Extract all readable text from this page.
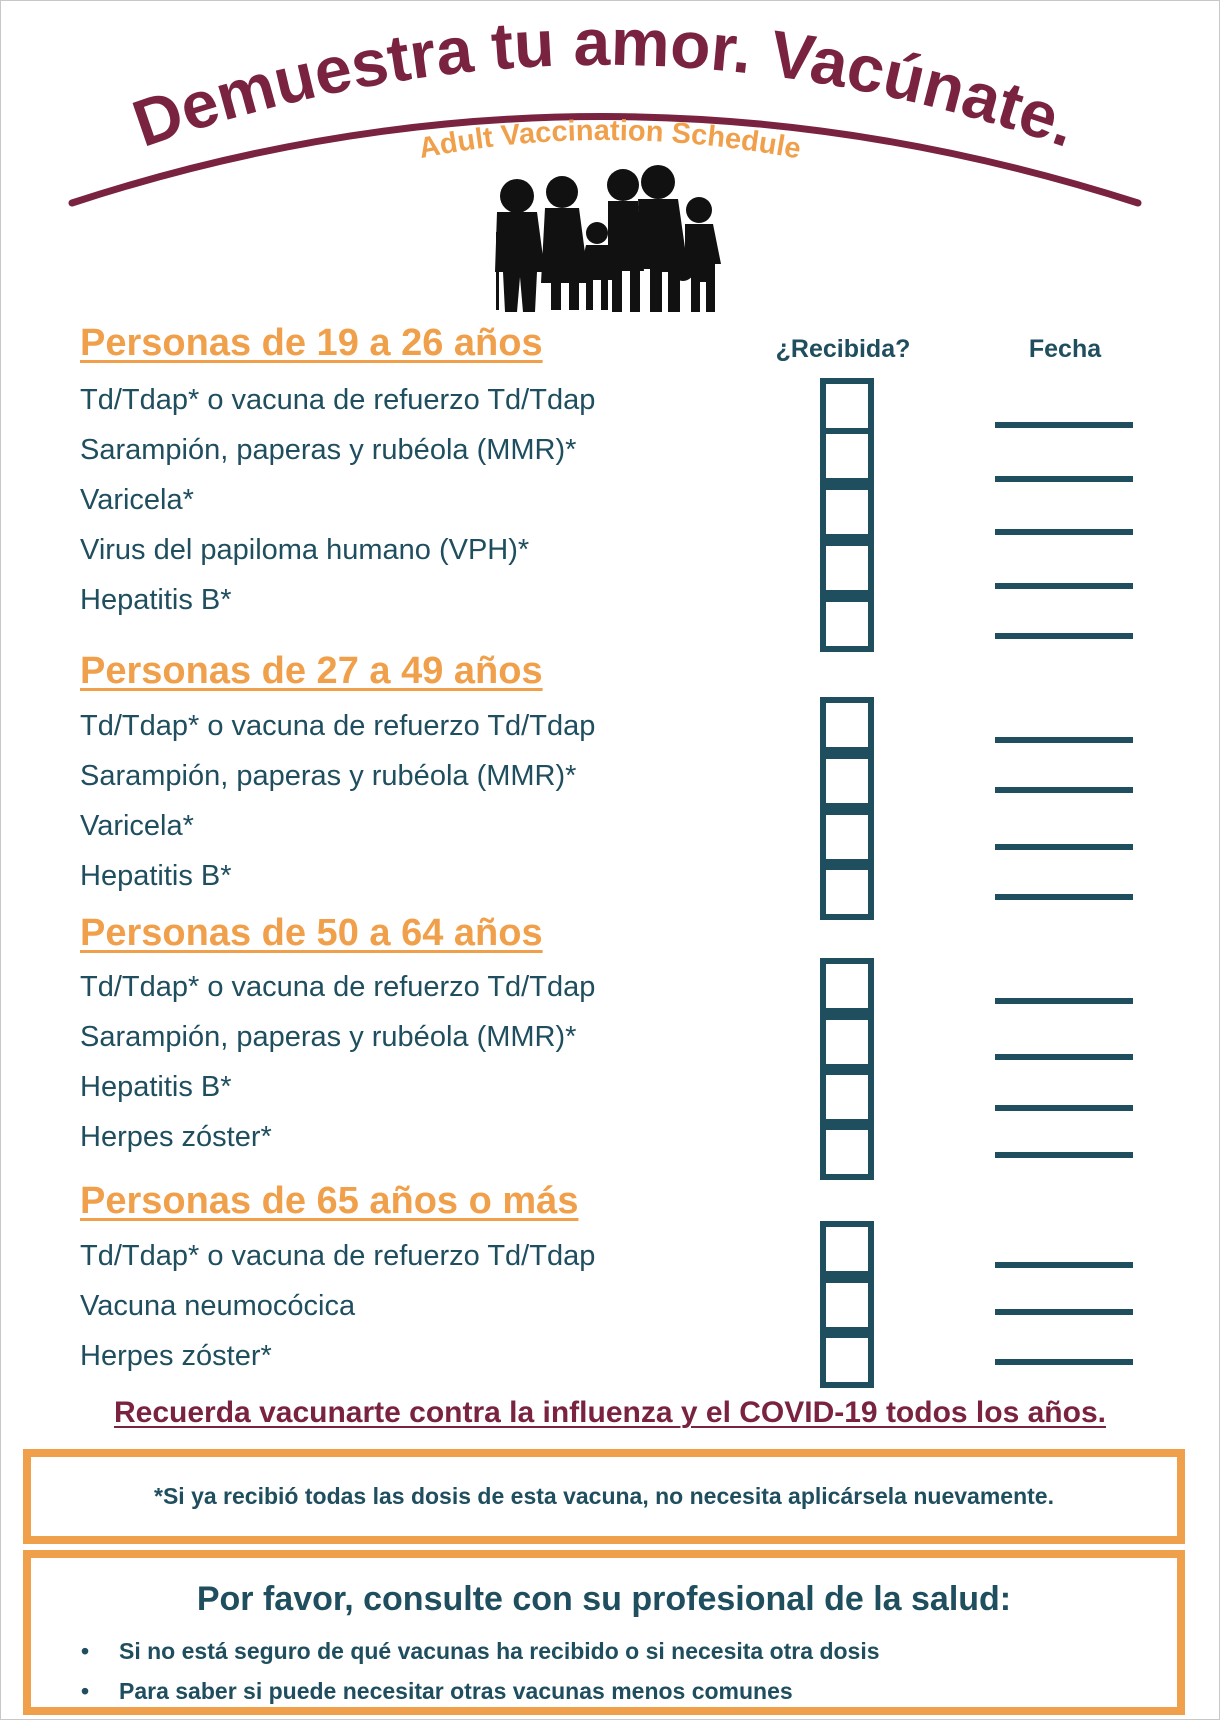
Demuestra tu amor. Vacúnate.
Adult Vaccination Schedule
¿Recibida?	Fecha
Personas de 19 a 26 años
Td/Tdap* o vacuna de refuerzo Td/Tdap
Sarampión, paperas y rubéola (MMR)*
Varicela*
Virus del papiloma humano (VPH)*
Hepatitis B*
Personas de 27 a 49 años
Td/Tdap* o vacuna de refuerzo Td/Tdap
Sarampión, paperas y rubéola (MMR)*
Varicela*
Hepatitis B*
Personas de 50 a 64 años
Td/Tdap* o vacuna de refuerzo Td/Tdap
Sarampión, paperas y rubéola (MMR)*
Hepatitis B*
Herpes zóster*
Personas de 65 años o más
Td/Tdap* o vacuna de refuerzo Td/Tdap
Vacuna neumocócica
Herpes zóster*
Recuerda vacunarte contra la influenza y el COVID-19 todos los años.
*Si ya recibió todas las dosis de esta vacuna, no necesita aplicársela nuevamente.
Por favor, consulte con su profesional de la salud:
• Si no está seguro de qué vacunas ha recibido o si necesita otra dosis
• Para saber si puede necesitar otras vacunas menos comunes
